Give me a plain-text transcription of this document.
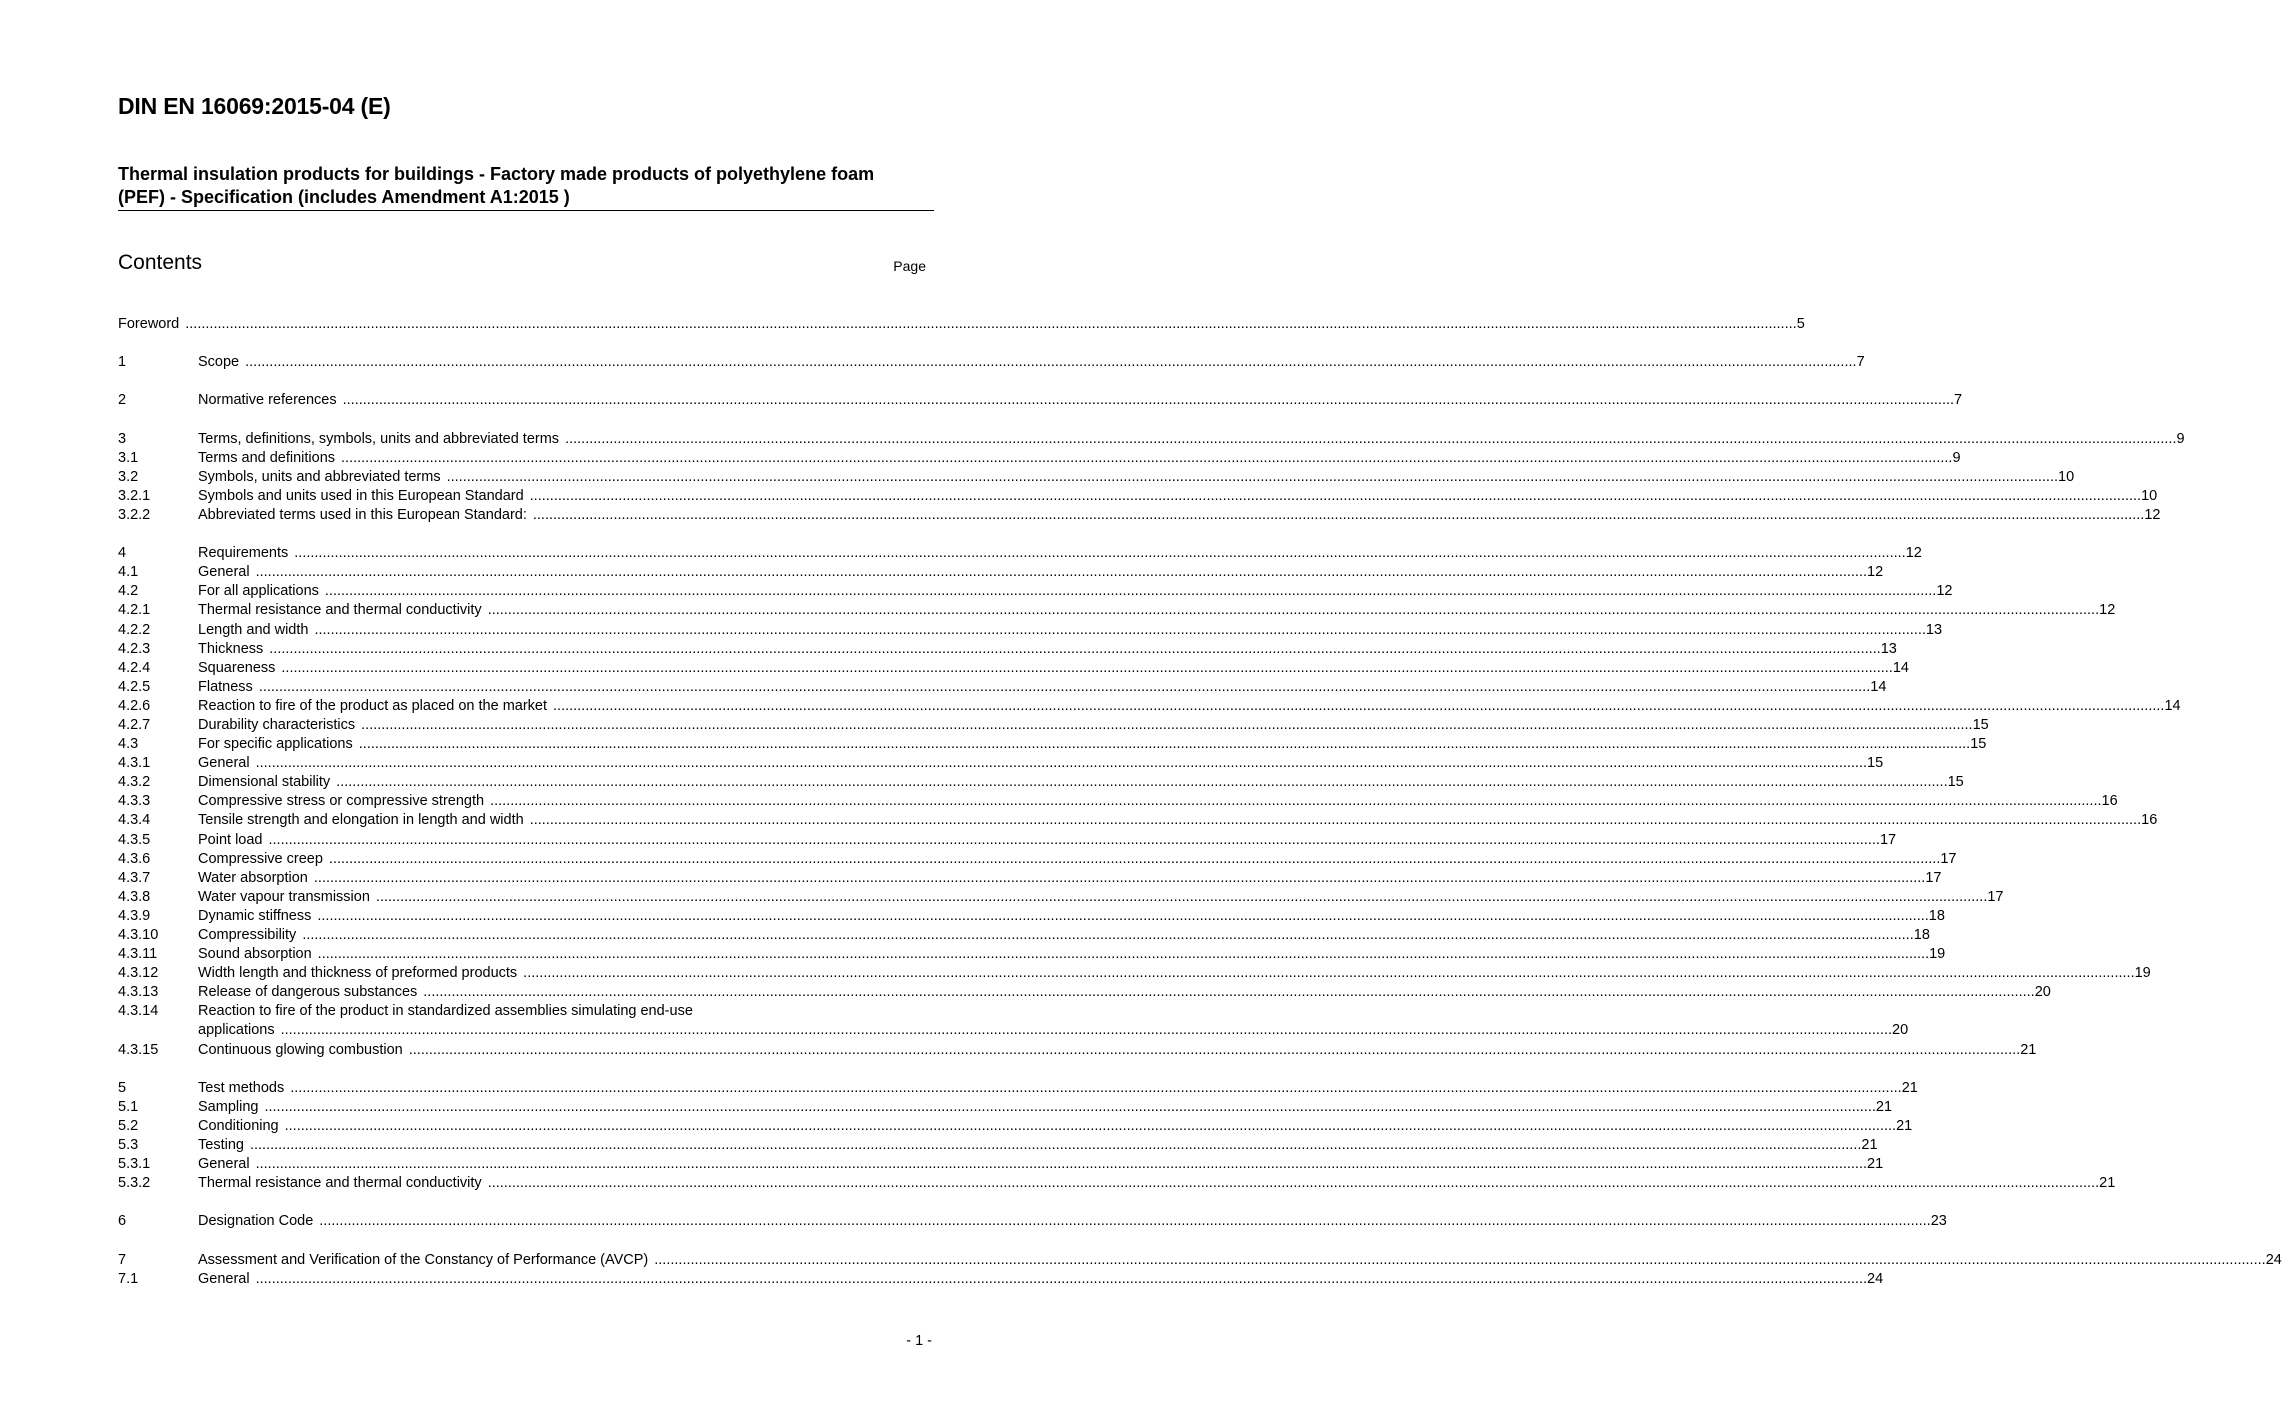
DIN EN 16069:2015-04 (E)
Thermal insulation products for buildings - Factory made products of polyethylene foam (PEF) - Specification (includes Amendment A1:2015 )
Contents	Page
Foreword ................................................................................................................................................................................................................................................................................................................................................................................................................ 5
1	Scope ................................................................................................................................................................................................................................................................................................................................................................................................................ 7
2	Normative references ................................................................................................................................................................................................................................................................................................................................................................................................................ 7
3	Terms, definitions, symbols, units and abbreviated terms ................................................................................................................................................................................................................................................................................................................................................................................................................ 9
3.1	Terms and definitions ................................................................................................................................................................................................................................................................................................................................................................................................................ 9
3.2	Symbols, units and abbreviated terms ................................................................................................................................................................................................................................................................................................................................................................................................................ 10
3.2.1	Symbols and units used in this European Standard ................................................................................................................................................................................................................................................................................................................................................................................................................ 10
3.2.2	Abbreviated terms used in this European Standard: ................................................................................................................................................................................................................................................................................................................................................................................................................ 12
4	Requirements ................................................................................................................................................................................................................................................................................................................................................................................................................ 12
4.1	General ................................................................................................................................................................................................................................................................................................................................................................................................................ 12
4.2	For all applications ................................................................................................................................................................................................................................................................................................................................................................................................................ 12
4.2.1	Thermal resistance and thermal conductivity ................................................................................................................................................................................................................................................................................................................................................................................................................ 12
4.2.2	Length and width ................................................................................................................................................................................................................................................................................................................................................................................................................ 13
4.2.3	Thickness ................................................................................................................................................................................................................................................................................................................................................................................................................ 13
4.2.4	Squareness ................................................................................................................................................................................................................................................................................................................................................................................................................ 14
4.2.5	Flatness ................................................................................................................................................................................................................................................................................................................................................................................................................ 14
4.2.6	Reaction to fire of the product as placed on the market ................................................................................................................................................................................................................................................................................................................................................................................................................ 14
4.2.7	Durability characteristics ................................................................................................................................................................................................................................................................................................................................................................................................................ 15
4.3	For specific applications ................................................................................................................................................................................................................................................................................................................................................................................................................ 15
4.3.1	General ................................................................................................................................................................................................................................................................................................................................................................................................................ 15
4.3.2	Dimensional stability ................................................................................................................................................................................................................................................................................................................................................................................................................ 15
4.3.3	Compressive stress or compressive strength ................................................................................................................................................................................................................................................................................................................................................................................................................ 16
4.3.4	Tensile strength and elongation in length and width ................................................................................................................................................................................................................................................................................................................................................................................................................ 16
4.3.5	Point load ................................................................................................................................................................................................................................................................................................................................................................................................................ 17
4.3.6	Compressive creep ................................................................................................................................................................................................................................................................................................................................................................................................................ 17
4.3.7	Water absorption ................................................................................................................................................................................................................................................................................................................................................................................................................ 17
4.3.8	Water vapour transmission ................................................................................................................................................................................................................................................................................................................................................................................................................ 17
4.3.9	Dynamic stiffness ................................................................................................................................................................................................................................................................................................................................................................................................................ 18
4.3.10	Compressibility ................................................................................................................................................................................................................................................................................................................................................................................................................ 18
4.3.11	Sound absorption ................................................................................................................................................................................................................................................................................................................................................................................................................ 19
4.3.12	Width length and thickness of preformed products ................................................................................................................................................................................................................................................................................................................................................................................................................ 19
4.3.13	Release of dangerous substances ................................................................................................................................................................................................................................................................................................................................................................................................................ 20
4.3.14	Reaction to fire of the product in standardized assemblies simulating end-use
applications ................................................................................................................................................................................................................................................................................................................................................................................................................ 20
4.3.15	Continuous glowing combustion ................................................................................................................................................................................................................................................................................................................................................................................................................ 21
5	Test methods ................................................................................................................................................................................................................................................................................................................................................................................................................ 21
5.1	Sampling ................................................................................................................................................................................................................................................................................................................................................................................................................ 21
5.2	Conditioning ................................................................................................................................................................................................................................................................................................................................................................................................................ 21
5.3	Testing ................................................................................................................................................................................................................................................................................................................................................................................................................ 21
5.3.1	General ................................................................................................................................................................................................................................................................................................................................................................................................................ 21
5.3.2	Thermal resistance and thermal conductivity ................................................................................................................................................................................................................................................................................................................................................................................................................ 21
6	Designation Code ................................................................................................................................................................................................................................................................................................................................................................................................................ 23
7	Assessment and Verification of the Constancy of Performance (AVCP) ................................................................................................................................................................................................................................................................................................................................................................................................................ 24
7.1	General ................................................................................................................................................................................................................................................................................................................................................................................................................ 24
- 1 -
